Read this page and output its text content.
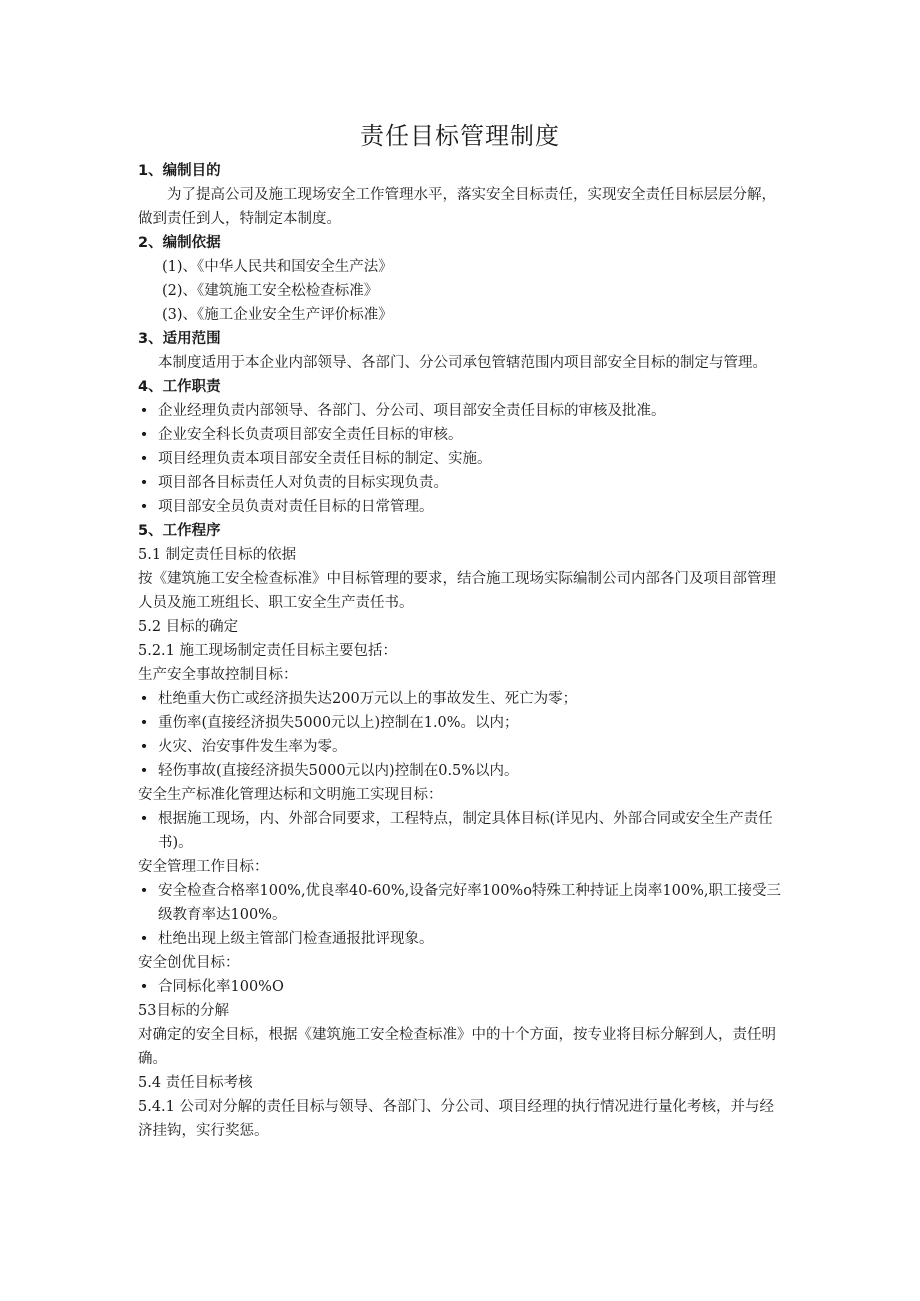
责任目标管理制度

1、编制目的

为了提高公司及施工现场安全工作管理水平，落实安全目标责任，实现安全责任目标层层分解，做到责任到人，特制定本制度。

2、编制依据

(1)、《中华人民共和国安全生产法》

(2)、《建筑施工安全松检查标准》

(3)、《施工企业安全生产评价标准》

3、适用范围

本制度适用于本企业内部领导、各部门、分公司承包管辖范围内项目部安全目标的制定与管理。

4、工作职责

• 企业经理负责内部领导、各部门、分公司、项目部安全责任目标的审核及批准。

• 企业安全科长负责项目部安全责任目标的审核。

• 项目经理负责本项目部安全责任目标的制定、实施。

• 项目部各目标责任人对负责的目标实现负责。

• 项目部安全员负责对责任目标的日常管理。

5、工作程序

5.1 制定责任目标的依据

按《建筑施工安全检查标准》中目标管理的要求，结合施工现场实际编制公司内部各门及项目部管理人员及施工班组长、职工安全生产责任书。

5.2 目标的确定

5.2.1 施工现场制定责任目标主要包括：

生产安全事故控制目标：

• 杜绝重大伤亡或经济损失达200万元以上的事故发生、死亡为零；

• 重伤率(直接经济损失5000元以上)控制在1.0%。以内；

• 火灾、治安事件发生率为零。

• 轻伤事故(直接经济损失5000元以内)控制在0.5%以内。

安全生产标准化管理达标和文明施工实现目标：

• 根据施工现场，内、外部合同要求，工程特点，制定具体目标(详见内、外部合同或安全生产责任书)。

安全管理工作目标：

• 安全检查合格率100%,优良率40-60%,设备完好率100%o特殊工种持证上岗率100%,职工接受三级教育率达100%。

• 杜绝出现上级主管部门检查通报批评现象。

安全创优目标：

• 合同标化率100%O

53目标的分解

对确定的安全目标，根据《建筑施工安全检查标准》中的十个方面，按专业将目标分解到人，责任明确。

5.4 责任目标考核

5.4.1 公司对分解的责任目标与领导、各部门、分公司、项目经理的执行情况进行量化考核，并与经济挂钩，实行奖惩。
